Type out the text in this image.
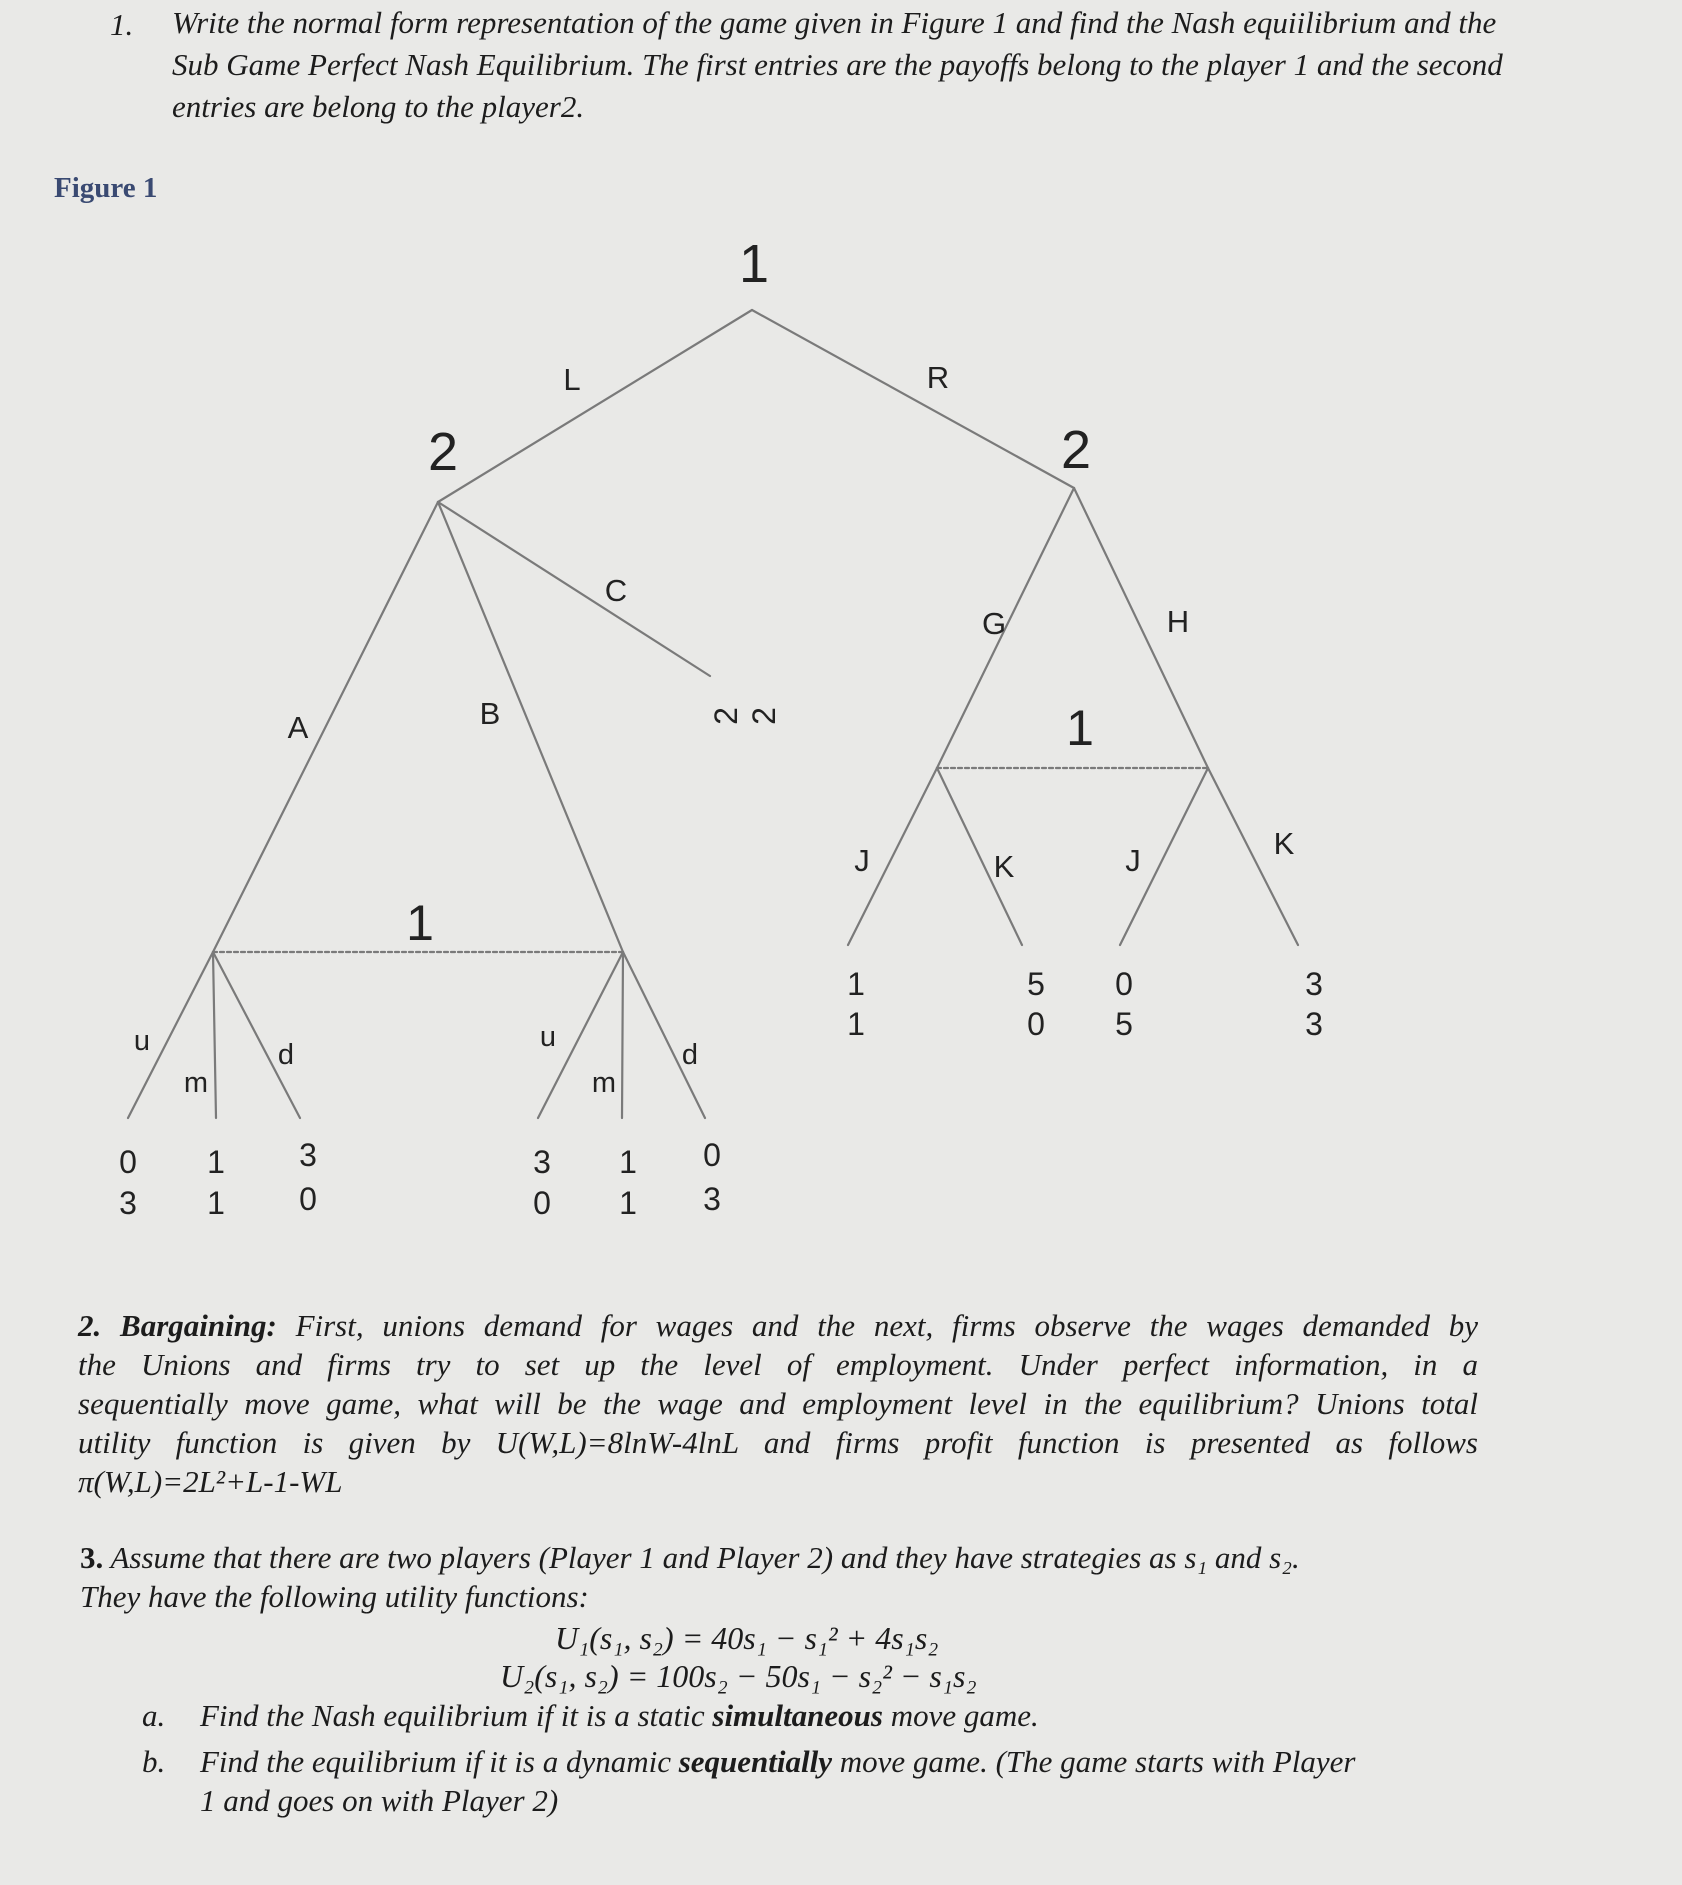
1.	Write the normal form representation of the game given in Figure 1 and find the Nash equiilibrium and the
Sub Game Perfect Nash Equilibrium. The first entries are the payoffs belong to the player 1 and the second
entries are belong to the player2.
Figure 1
1
2	2
1
1
L	R
A	B
C
G	H
J	K	J	K
u
m
d
u
m
d
2 2
0
3
1
1
3
0
3
0
1
1
0
3
1
1
5
0
0
5
3
3
2. Bargaining: First, unions demand for wages and the next, firms observe the wages demanded by
the Unions and firms try to set up the level of employment. Under perfect information, in a
sequentially move game, what will be the wage and employment level in the equilibrium? Unions total
utility function is given by U(W,L)=8lnW-4lnL and firms profit function is presented as follows
π(W,L)=2L²+L-1-WL
3. Assume that there are two players (Player 1 and Player 2) and they have strategies as s₁ and s₂.
They have the following utility functions:
U₁(s₁, s₂) = 40s₁ − s₁² + 4s₁s₂
U₂(s₁, s₂) = 100s₂ − 50s₁ − s₂² − s₁s₂
a. Find the Nash equilibrium if it is a static simultaneous move game.
b. Find the equilibrium if it is a dynamic sequentially move game. (The game starts with Player
1 and goes on with Player 2)
